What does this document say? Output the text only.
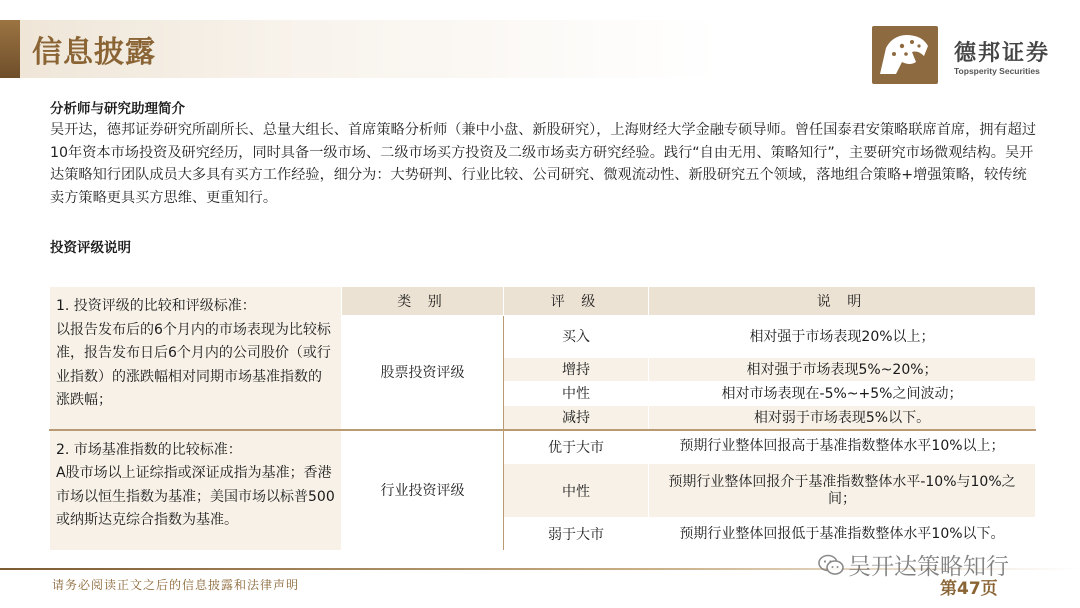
信息披露	德邦证券
Topsperity Securities
分析师与研究助理简介
吴开达，德邦证券研究所副所长、总量大组长、首席策略分析师（兼中小盘、新股研究），上海财经大学金融专硕导师。曾任国泰君安策略联席首席，拥有超过10年资本市场投资及研究经历，同时具备一级市场、二级市场买方投资及二级市场卖方研究经验。践行“自由无用、策略知行”，主要研究市场微观结构。吴开达策略知行团队成员大多具有买方工作经验，细分为：大势研判、行业比较、公司研究、微观流动性、新股研究五个领域，落地组合策略+增强策略，较传统卖方策略更具买方思维、更重知行。
投资评级说明
1. 投资评级的比较和评级标准：
以报告发布后的6个月内的市场表现为比较标准，报告发布日后6个月内的公司股价（或行业指数）的涨跌幅相对同期市场基准指数的涨跌幅；	类 别	评 级	说 明
	股票投资评级	买入	相对强于市场表现20%以上；
		增持	相对强于市场表现5%~20%；
		中性	相对市场表现在-5%~+5%之间波动；
		减持	相对弱于市场表现5%以下。

2. 市场基准指数的比较标准：
A股市场以上证综指或深证成指为基准；香港市场以恒生指数为基准；美国市场以标普500或纳斯达克综合指数为基准。	行业投资评级	优于大市	预期行业整体回报高于基准指数整体水平10%以上；
		中性	预期行业整体回报介于基准指数整体水平-10%与10%之间；
		弱于大市	预期行业整体回报低于基准指数整体水平10%以下。
请务必阅读正文之后的信息披露和法律声明
吴开达策略知行
第47页
